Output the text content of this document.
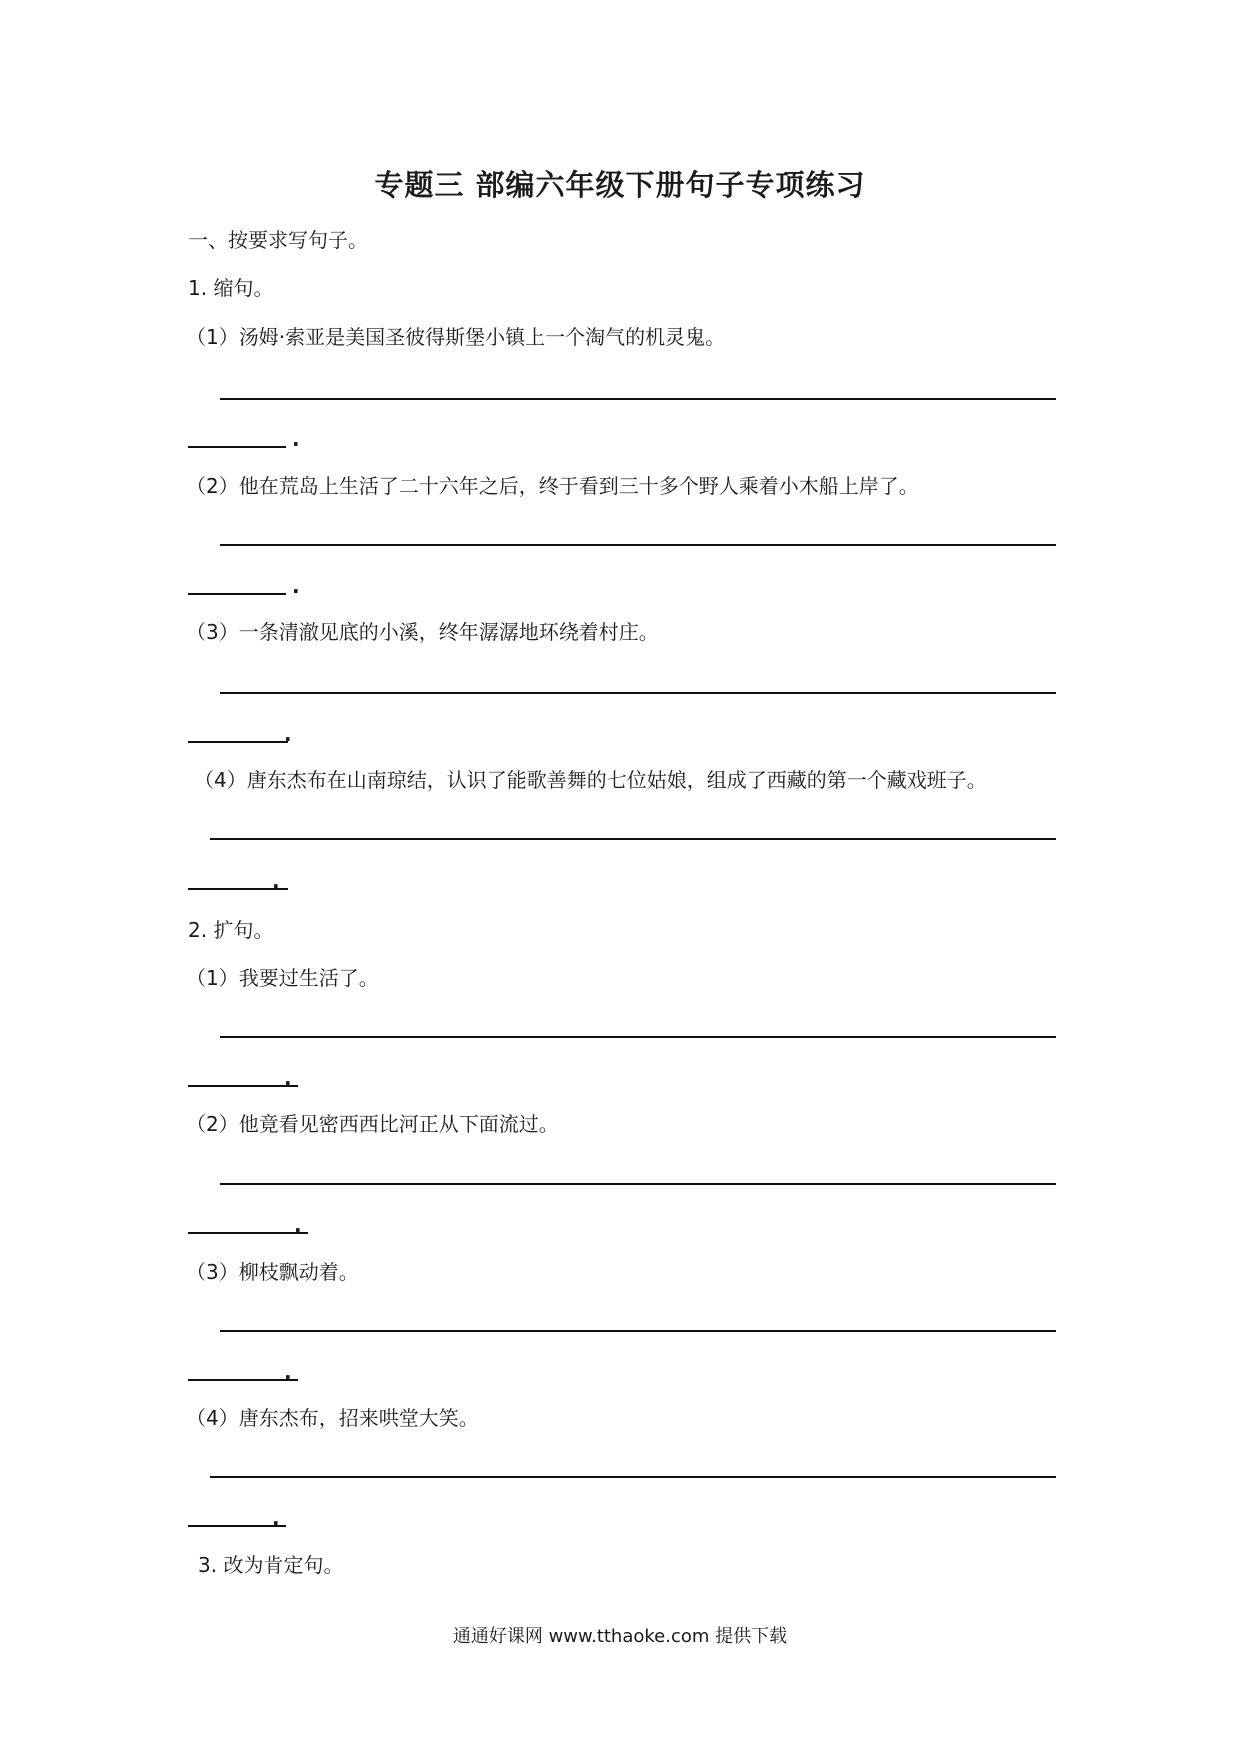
专题三 部编六年级下册句子专项练习
一、按要求写句子。
1. 缩句。
（1）汤姆·索亚是美国圣彼得斯堡小镇上一个淘气的机灵鬼。
.
（2）他在荒岛上生活了二十六年之后，终于看到三十多个野人乘着小木船上岸了。
.
（3）一条清澈见底的小溪，终年潺潺地环绕着村庄。
.
（4）唐东杰布在山南琼结，认识了能歌善舞的七位姑娘，组成了西藏的第一个藏戏班子。
.
2. 扩句。
（1）我要过生活了。
.
（2）他竟看见密西西比河正从下面流过。
.
（3）柳枝飘动着。
.
（4）唐东杰布，招来哄堂大笑。
.
3. 改为肯定句。
通通好课网 www.tthaoke.com 提供下载
